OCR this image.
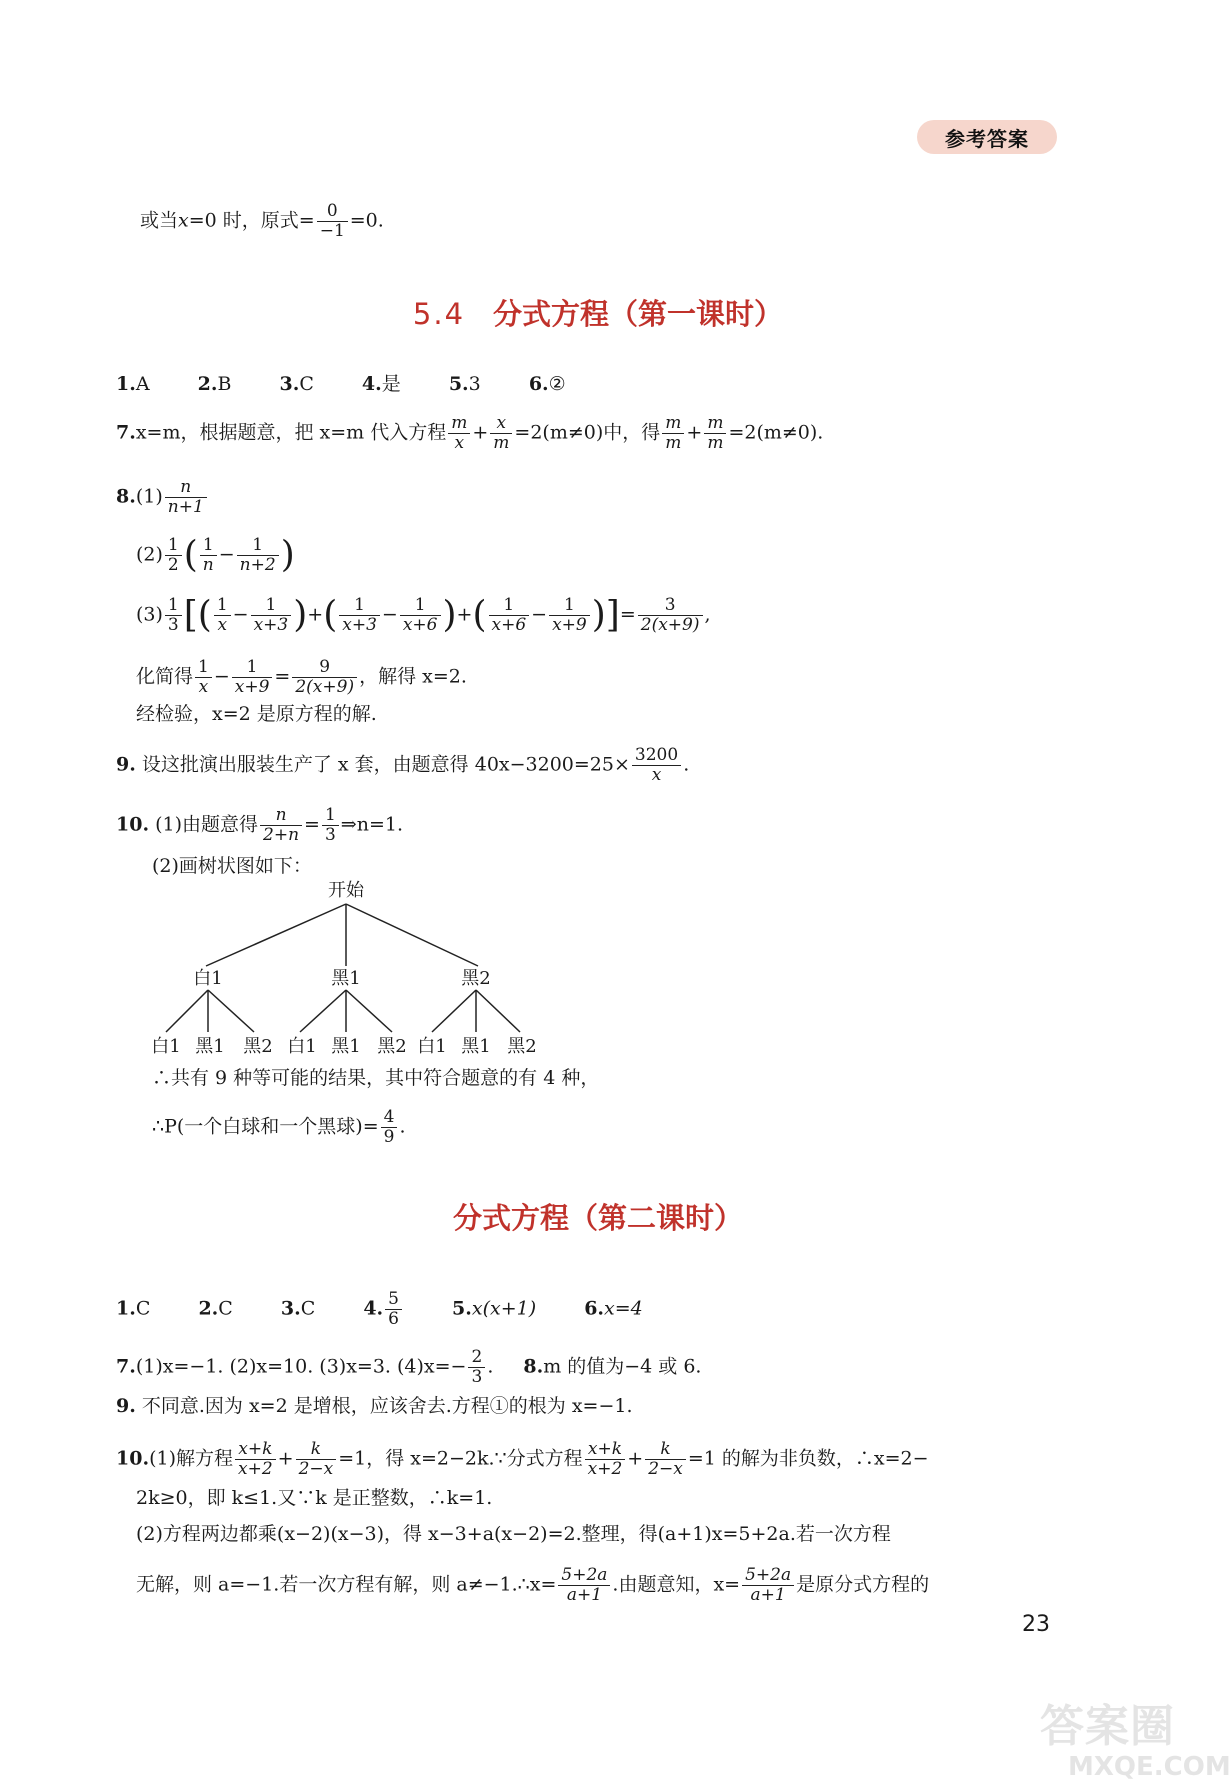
参考答案
或当x=0 时，原式= $\frac{0}{-1} =0$.
5.4 分式方程（第一课时）
1.A	2.B	3.C	4.是	5.3	6.②
7.x=m，根据题意，把 x=m 代入方程 $\frac{m}{x} + \frac{x}{m} =2(m\ne 0)$中，得 $\frac{m}{m} + \frac{m}{m} =2(m\ne 0)$.
$8.(1) \frac{n}{n+1}$
$(2) \frac{1}{2}$ ( $\frac{1}{n} - \frac{1}{n+2}$ )
$(3) \frac{1}{3}$ [( $\frac{1}{x} - \frac{1}{x+3}$ )+( $\frac{1}{x+3} - \frac{1}{x+6}$ )+( $\frac{1}{x+6} - \frac{1}{x+9}$ )]= $\frac{3}{2(x+9)}$ ,
化简得 $\frac{1}{x} - \frac{1}{x+9} = \frac{9}{2(x+9)}$ ，解得 x=2.
经检验，x=2 是原方程的解.
9. 设这批演出服装生产了 x 套，由题意得 $40x-3200=25\times \frac{3200}{x}$ .
10. (1)由题意得 $\frac{n}{2+n} = \frac{1}{3}$ ⇒n=1.
(2)画树状图如下：
开始
白1	黑1	黑2
白1 黑1 黑2 白1 黑1 黑2 白1 黑1 黑2
∴共有 9 种等可能的结果，其中符合题意的有 4 种，
∴P(一个白球和一个黑球)= $\frac{4}{9}$ .
分式方程（第二课时）
1.C	2.C	3.C	4. $\frac{5}{6}$	5.x(x+1)	6.x=4
7.(1)x=−1. (2)x=10. (3)x=3. $(4)x=- \frac{2}{3}$ . 8.m 的值为−4 或 6.
9. 不同意.因为 x=2 是增根，应该舍去.方程①的根为 x=−1.
10.(1)解方程 $\frac{x+k}{x+2} + \frac{k}{2-x} =1$，得 x=2−2k.∵分式方程 $\frac{x+k}{x+2} + \frac{k}{2-x} =1$ 的解为非负数，∴x=2−
2k≥0，即 k≤1.又∵k 是正整数，∴k=1.
(2)方程两边都乘(x−2)(x−3)，得 x−3+a(x−2)=2.整理，得(a+1)x=5+2a.若一次方程
无解，则 a=−1.若一次方程有解，则 a≠−1.∴x= $\frac{5+2a}{a+1}$ .由题意知，$x= \frac{5+2a}{a+1}$ 是原分式方程的
23
答案圈
MXQE.COM
